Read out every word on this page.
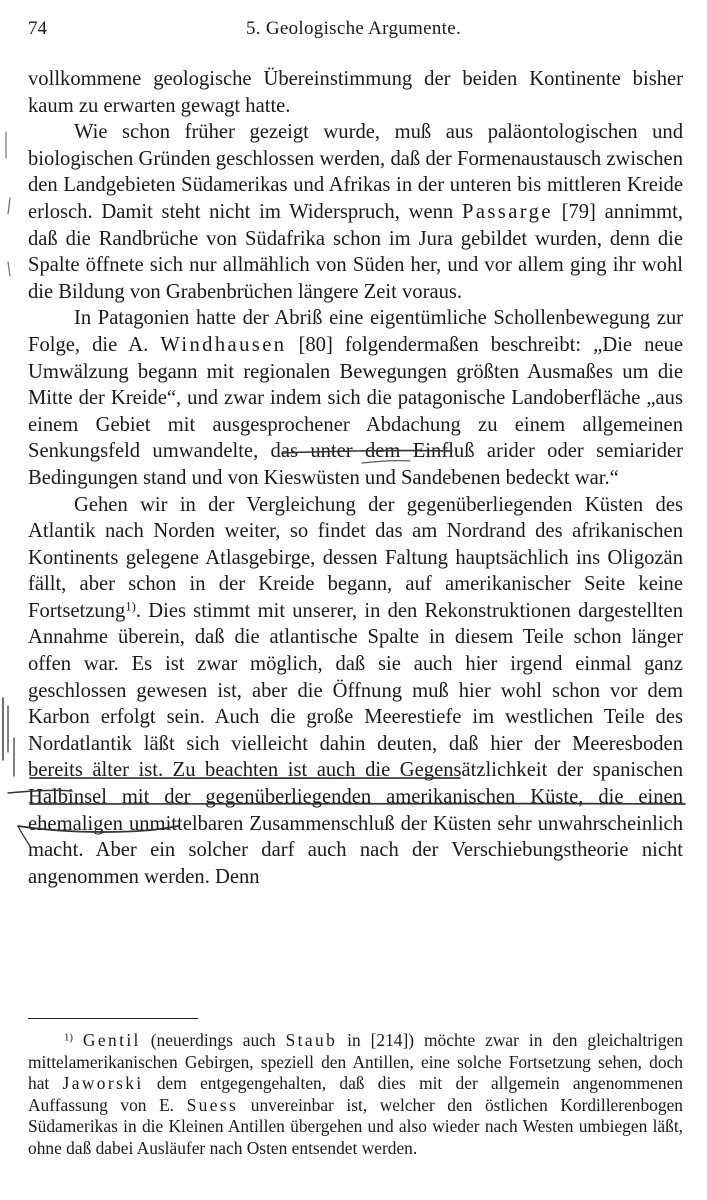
74	5. Geologische Argumente.

vollkommene geologische Übereinstimmung der beiden Kontinente bisher kaum zu erwarten gewagt hatte.

Wie schon früher gezeigt wurde, muß aus paläontologischen und biologischen Gründen geschlossen werden, daß der Formenaustausch zwischen den Landgebieten Südamerikas und Afrikas in der unteren bis mittleren Kreide erlosch. Damit steht nicht im Widerspruch, wenn Passarge [79] annimmt, daß die Randbrüche von Südafrika schon im Jura gebildet wurden, denn die Spalte öffnete sich nur allmählich von Süden her, und vor allem ging ihr wohl die Bildung von Grabenbrüchen längere Zeit voraus.

In Patagonien hatte der Abriß eine eigentümliche Schollenbewegung zur Folge, die A. Windhausen [80] folgendermaßen beschreibt: „Die neue Umwälzung begann mit regionalen Bewegungen größten Ausmaßes um die Mitte der Kreide“, und zwar indem sich die patagonische Landoberfläche „aus einem Gebiet mit ausgesprochener Abdachung zu einem allgemeinen Senkungsfeld umwandelte, das unter dem Einfluß arider oder semiarider Bedingungen stand und von Kieswüsten und Sandebenen bedeckt war.“

Gehen wir in der Vergleichung der gegenüberliegenden Küsten des Atlantik nach Norden weiter, so findet das am Nordrand des afrikanischen Kontinents gelegene Atlasgebirge, dessen Faltung hauptsächlich ins Oligozän fällt, aber schon in der Kreide begann, auf amerikanischer Seite keine Fortsetzung$^{1)}$. Dies stimmt mit unserer, in den Rekonstruktionen dargestellten Annahme überein, daß die atlantische Spalte in diesem Teile schon länger offen war. Es ist zwar möglich, daß sie auch hier irgend einmal ganz geschlossen gewesen ist, aber die Öffnung muß hier wohl schon vor dem Karbon erfolgt sein. Auch die große Meerestiefe im westlichen Teile des Nordatlantik läßt sich vielleicht dahin deuten, daß hier der Meeresboden bereits älter ist. Zu beachten ist auch die Gegensätzlichkeit der spanischen Halbinsel mit der gegenüberliegenden amerikanischen Küste, die einen ehemaligen unmittelbaren Zusammenschluß der Küsten sehr unwahrscheinlich macht. Aber ein solcher darf auch nach der Verschiebungstheorie nicht angenommen werden. Denn

$^{1)}$ Gentil (neuerdings auch Staub in [214]) möchte zwar in den gleichaltrigen mittelamerikanischen Gebirgen, speziell den Antillen, eine solche Fortsetzung sehen, doch hat Jaworski dem entgegengehalten, daß dies mit der allgemein angenommenen Auffassung von E. Suess unvereinbar ist, welcher den östlichen Kordillerenbogen Südamerikas in die Kleinen Antillen übergehen und also wieder nach Westen umbiegen läßt, ohne daß dabei Ausläufer nach Osten entsendet werden.
